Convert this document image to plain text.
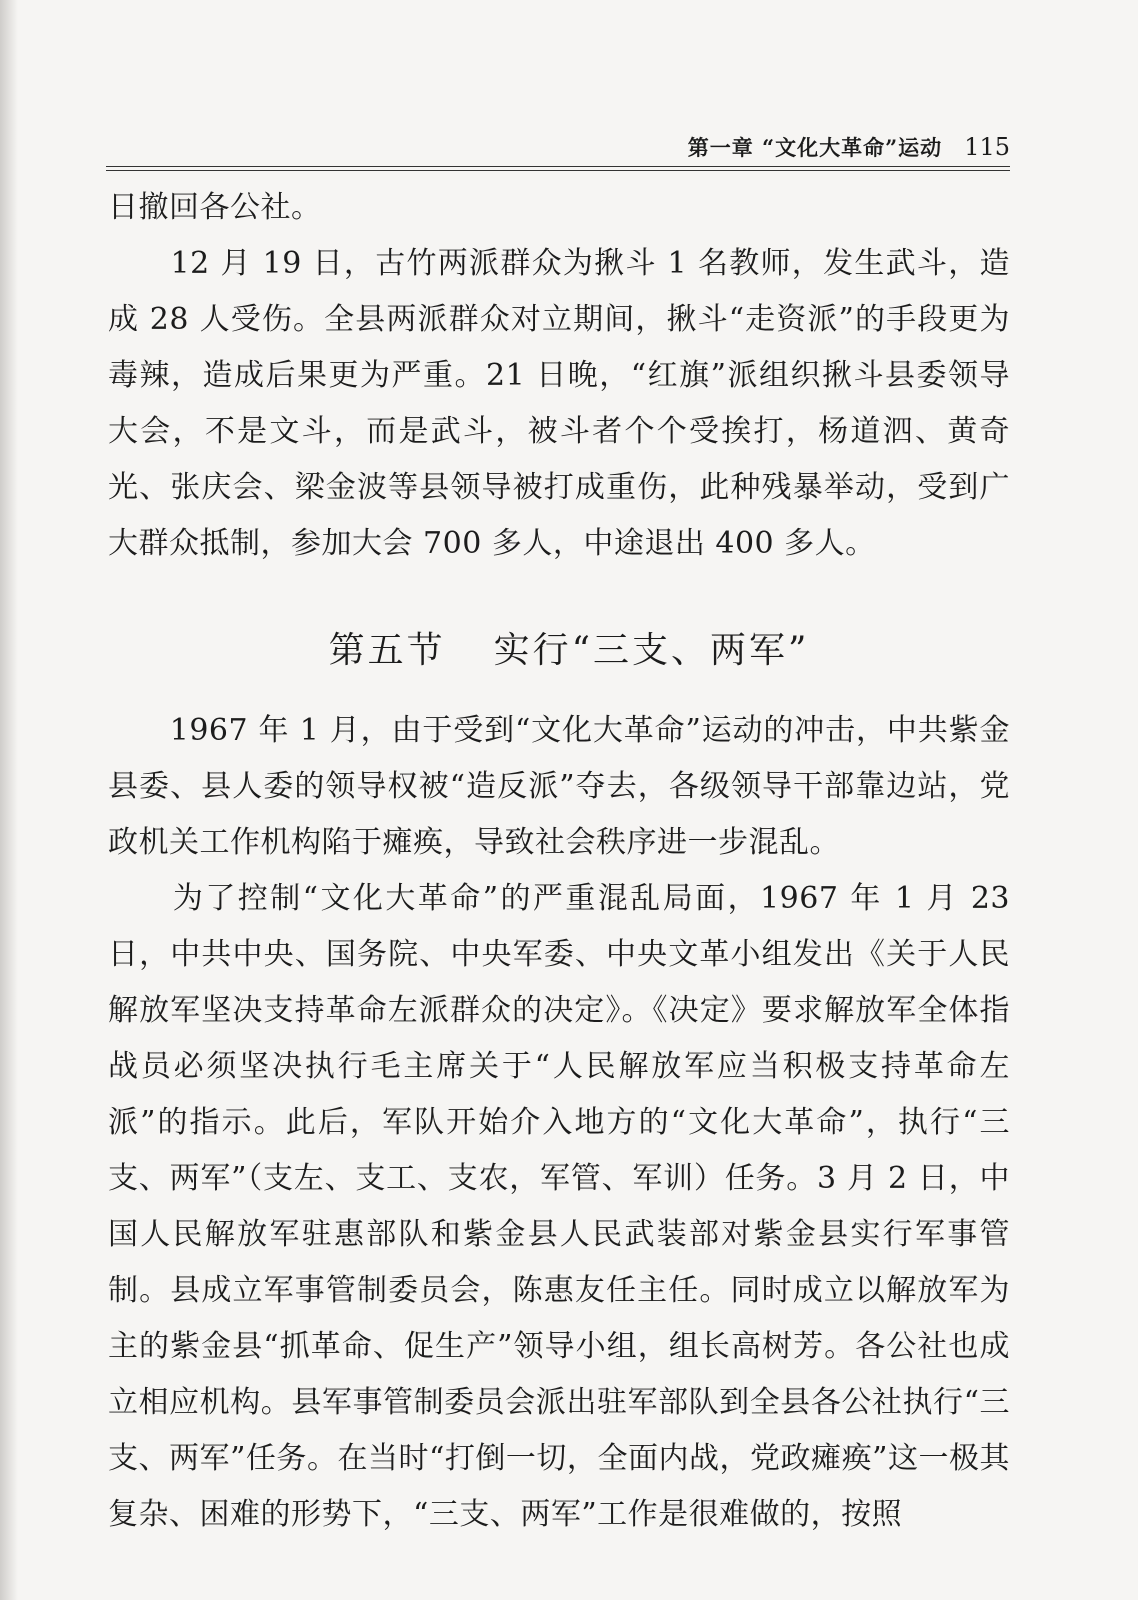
第一章 “文化大革命”运动 115

日撤回各公社。

　　12 月 19 日，古竹两派群众为揪斗 1 名教师，发生武斗，造成 28 人受伤。全县两派群众对立期间，揪斗“走资派”的手段更为毒辣，造成后果更为严重。21 日晚，“红旗”派组织揪斗县委领导大会，不是文斗，而是武斗，被斗者个个受挨打，杨道泗、黄奇光、张庆会、梁金波等县领导被打成重伤，此种残暴举动，受到广大群众抵制，参加大会 700 多人，中途退出 400 多人。

第五节 实行“三支、两军”

　　1967 年 1 月，由于受到“文化大革命”运动的冲击，中共紫金县委、县人委的领导权被“造反派”夺去，各级领导干部靠边站，党政机关工作机构陷于瘫痪，导致社会秩序进一步混乱。

　　为了控制“文化大革命”的严重混乱局面，1967 年 1 月 23 日，中共中央、国务院、中央军委、中央文革小组发出《关于人民解放军坚决支持革命左派群众的决定》。《决定》要求解放军全体指战员必须坚决执行毛主席关于“人民解放军应当积极支持革命左派”的指示。此后，军队开始介入地方的“文化大革命”，执行“三支、两军”（支左、支工、支农，军管、军训）任务。3 月 2 日，中国人民解放军驻惠部队和紫金县人民武装部对紫金县实行军事管制。县成立军事管制委员会，陈惠友任主任。同时成立以解放军为主的紫金县“抓革命、促生产”领导小组，组长高树芳。各公社也成立相应机构。县军事管制委员会派出驻军部队到全县各公社执行“三支、两军”任务。在当时“打倒一切，全面内战，党政瘫痪”这一极其复杂、困难的形势下，“三支、两军”工作是很难做的，按照
